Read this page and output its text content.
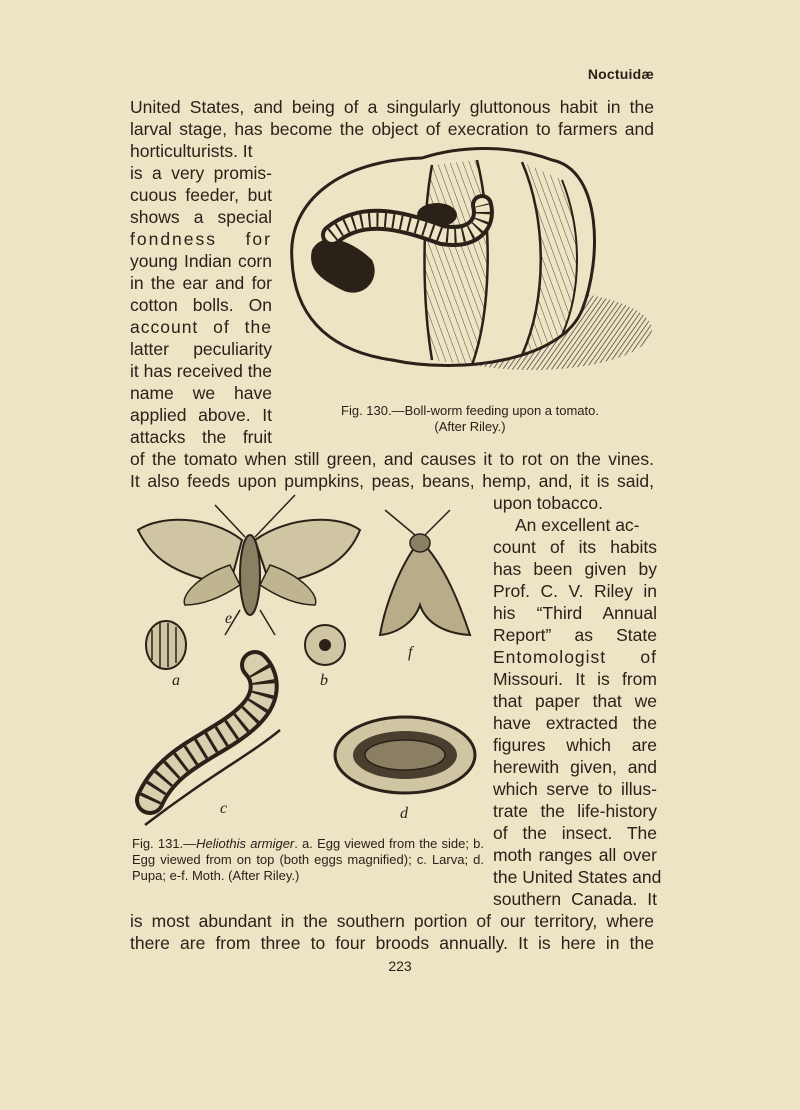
Noctuidæ
United States, and being of a singularly gluttonous habit in the
larval stage, has become the object of execration to farmers and
horticulturists. It
is a very promis-
cuous feeder, but
shows a special
fondness for
young Indian corn
in the ear and for
cotton bolls. On
account of the
latter peculiarity
it has received the
name we have
applied above. It
attacks the fruit
of the tomato when still green, and causes it to rot on the vines.
It also feeds upon pumpkins, peas, beans, hemp, and, it is said,
upon tobacco.
Fig. 130.—Boll-worm feeding upon a tomato.
(After Riley.)
a	b
c	d
e
f
Fig. 131.—Heliothis armiger. a. Egg viewed from the side; b. Egg viewed from on top (both eggs magnified); c. Larva; d. Pupa; e-f. Moth. (After Riley.)
An excellent ac-
count of its habits
has been given by
Prof. C. V. Riley in
his “Third Annual
Report” as State
Entomologist of
Missouri. It is from
that paper that we
have extracted the
figures which are
herewith given, and
which serve to illus-
trate the life-history
of the insect. The
moth ranges all over
the United States and
southern Canada. It
is most abundant in the southern portion of our territory, where
there are from three to four broods annually. It is here in the
223
